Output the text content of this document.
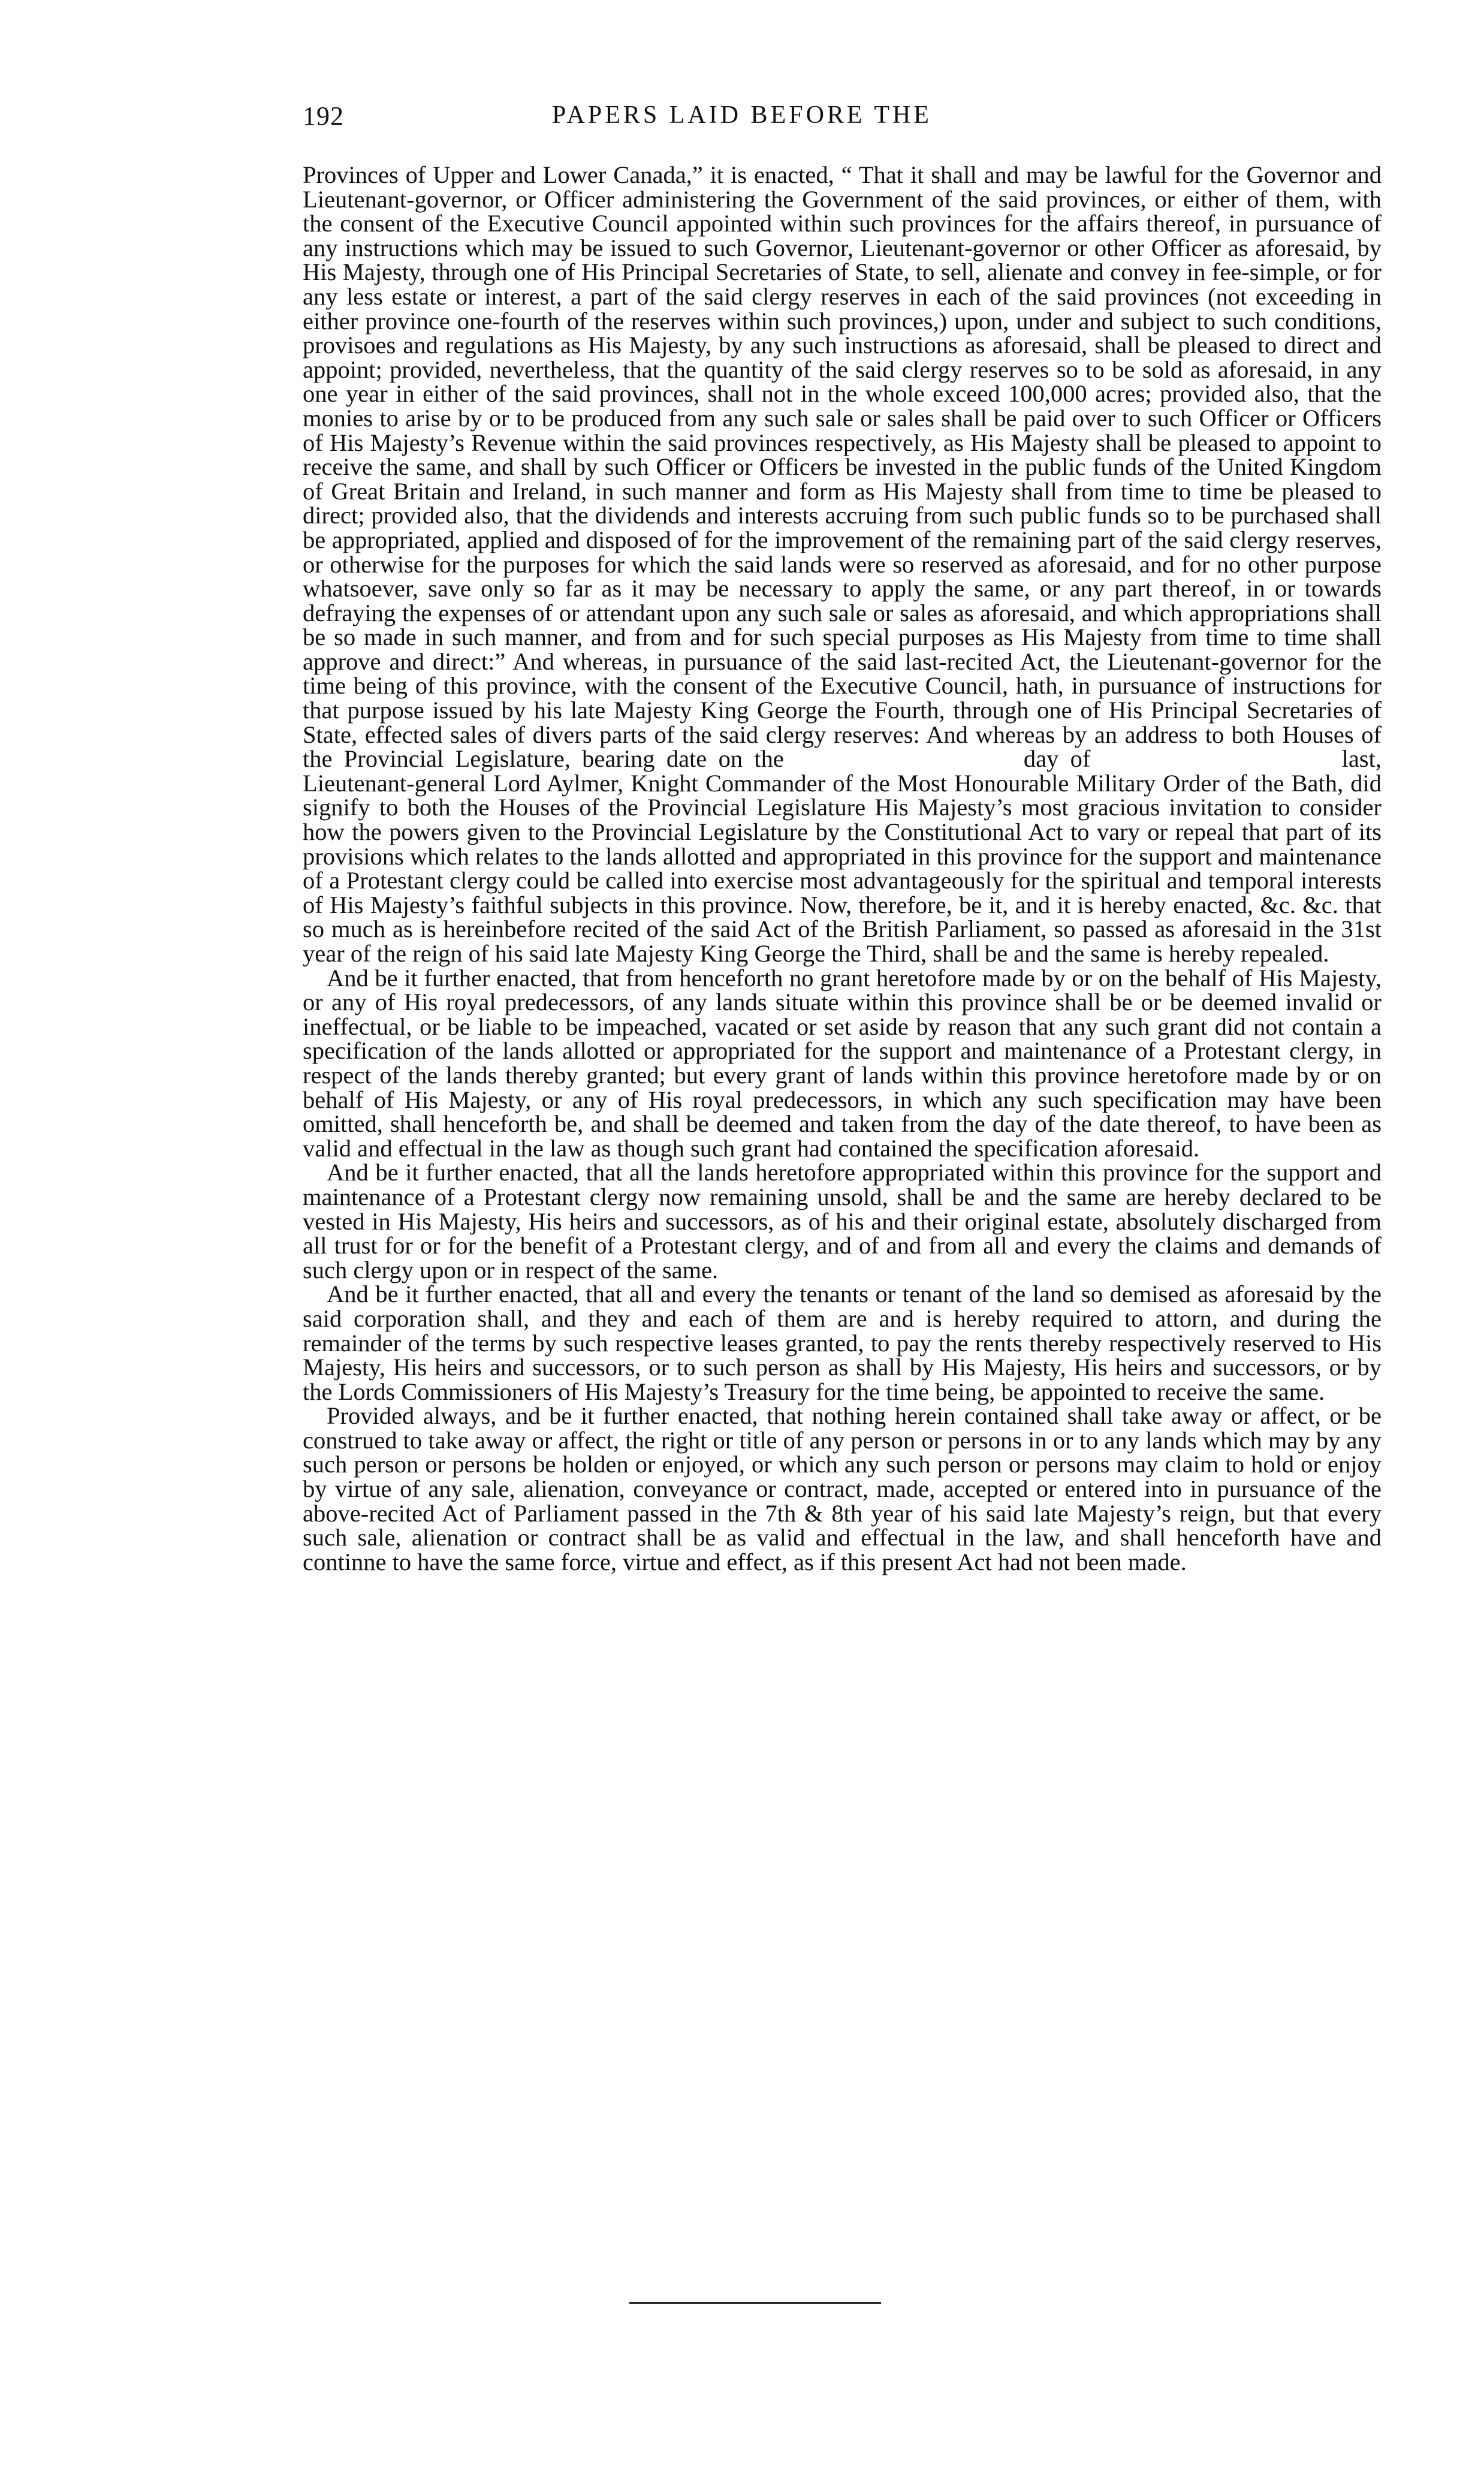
192	PAPERS LAID BEFORE THE

Provinces of Upper and Lower Canada,” it is enacted, “ That it shall and may be lawful for the Governor and Lieutenant-governor, or Officer administering the Government of the said provinces, or either of them, with the consent of the Executive Council appointed within such provinces for the affairs thereof, in pursuance of any instructions which may be issued to such Governor, Lieutenant-governor or other Officer as aforesaid, by His Majesty, through one of His Principal Secretaries of State, to sell, alienate and convey in fee-simple, or for any less estate or interest, a part of the said clergy reserves in each of the said provinces (not exceeding in either province one-fourth of the reserves within such provinces,) upon, under and subject to such conditions, provisoes and regulations as His Majesty, by any such instructions as aforesaid, shall be pleased to direct and appoint; provided, nevertheless, that the quantity of the said clergy reserves so to be sold as aforesaid, in any one year in either of the said provinces, shall not in the whole exceed 100,000 acres; provided also, that the monies to arise by or to be produced from any such sale or sales shall be paid over to such Officer or Officers of His Majesty’s Revenue within the said provinces respectively, as His Majesty shall be pleased to appoint to receive the same, and shall by such Officer or Officers be invested in the public funds of the United Kingdom of Great Britain and Ireland, in such manner and form as His Majesty shall from time to time be pleased to direct; provided also, that the dividends and interests accruing from such public funds so to be purchased shall be appropriated, applied and disposed of for the improvement of the remaining part of the said clergy reserves, or otherwise for the purposes for which the said lands were so reserved as aforesaid, and for no other purpose whatsoever, save only so far as it may be necessary to apply the same, or any part thereof, in or towards defraying the expenses of or attendant upon any such sale or sales as aforesaid, and which appropriations shall be so made in such manner, and from and for such special purposes as His Majesty from time to time shall approve and direct:” And whereas, in pursuance of the said last-recited Act, the Lieutenant-governor for the time being of this province, with the consent of the Executive Council, hath, in pursuance of instructions for that purpose issued by his late Majesty King George the Fourth, through one of His Principal Secretaries of State, effected sales of divers parts of the said clergy reserves: And whereas by an address to both Houses of the Provincial Legislature, bearing date on the	day of	last, Lieutenant-general Lord Aylmer, Knight Commander of the Most Honourable Military Order of the Bath, did signify to both the Houses of the Provincial Legislature His Majesty’s most gracious invitation to consider how the powers given to the Provincial Legislature by the Constitutional Act to vary or repeal that part of its provisions which relates to the lands allotted and appropriated in this province for the support and maintenance of a Protestant clergy could be called into exercise most advantageously for the spiritual and temporal interests of His Majesty’s faithful subjects in this province. Now, therefore, be it, and it is hereby enacted, &c. &c. that so much as is hereinbefore recited of the said Act of the British Parliament, so passed as aforesaid in the 31st year of the reign of his said late Majesty King George the Third, shall be and the same is hereby repealed.

And be it further enacted, that from henceforth no grant heretofore made by or on the behalf of His Majesty, or any of His royal predecessors, of any lands situate within this province shall be or be deemed invalid or ineffectual, or be liable to be impeached, vacated or set aside by reason that any such grant did not contain a specification of the lands allotted or appropriated for the support and maintenance of a Protestant clergy, in respect of the lands thereby granted; but every grant of lands within this province heretofore made by or on behalf of His Majesty, or any of His royal predecessors, in which any such specification may have been omitted, shall henceforth be, and shall be deemed and taken from the day of the date thereof, to have been as valid and effectual in the law as though such grant had contained the specification aforesaid.

And be it further enacted, that all the lands heretofore appropriated within this province for the support and maintenance of a Protestant clergy now remaining unsold, shall be and the same are hereby declared to be vested in His Majesty, His heirs and successors, as of his and their original estate, absolutely discharged from all trust for or for the benefit of a Protestant clergy, and of and from all and every the claims and demands of such clergy upon or in respect of the same.

And be it further enacted, that all and every the tenants or tenant of the land so demised as aforesaid by the said corporation shall, and they and each of them are and is hereby required to attorn, and during the remainder of the terms by such respective leases granted, to pay the rents thereby respectively reserved to His Majesty, His heirs and successors, or to such person as shall by His Majesty, His heirs and successors, or by the Lords Commissioners of His Majesty’s Treasury for the time being, be appointed to receive the same.

Provided always, and be it further enacted, that nothing herein contained shall take away or affect, or be construed to take away or affect, the right or title of any person or persons in or to any lands which may by any such person or persons be holden or enjoyed, or which any such person or persons may claim to hold or enjoy by virtue of any sale, alienation, conveyance or contract, made, accepted or entered into in pursuance of the above-recited Act of Parliament passed in the 7th & 8th year of his said late Majesty’s reign, but that every such sale, alienation or contract shall be as valid and effectual in the law, and shall henceforth have and continne to have the same force, virtue and effect, as if this present Act had not been made.
